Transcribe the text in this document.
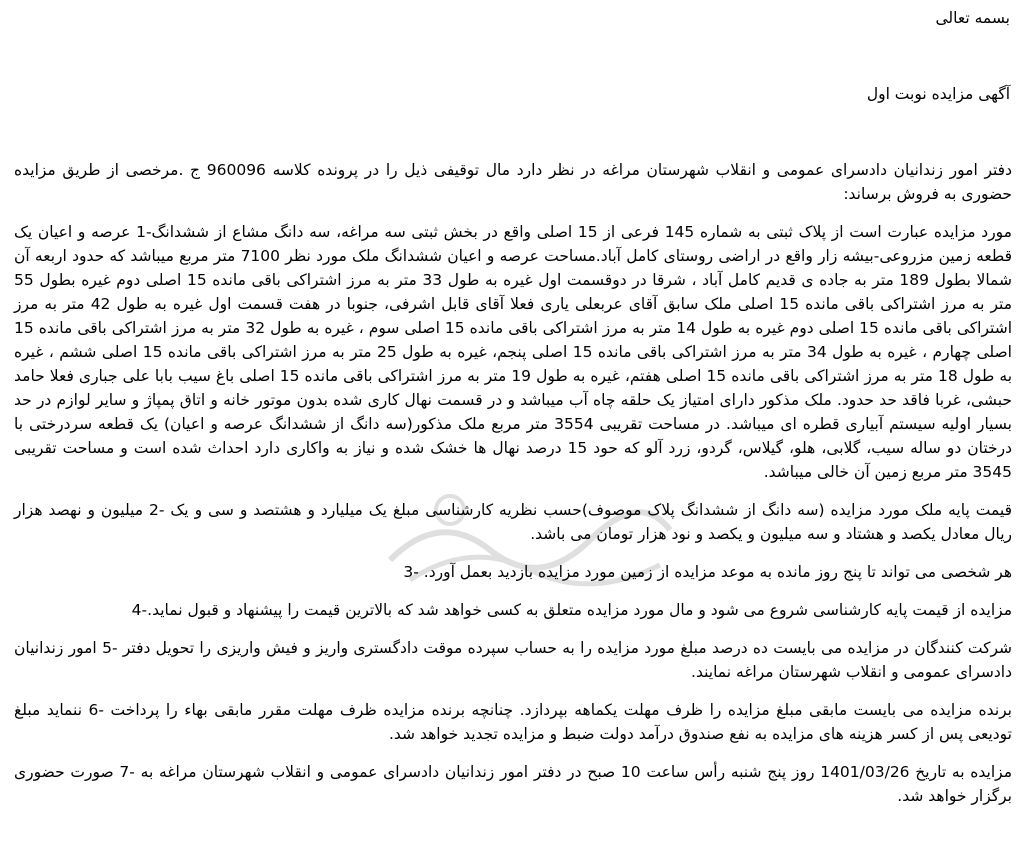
بسمه تعالی
آگهی مزایده نوبت اول

دفتر امور زندانیان دادسرای عمومی و انقلاب شهرستان مراغه در نظر دارد مال توقیفی ذیل را در پرونده کلاسه 960096 ج .مرخصی از طریق مزایده حضوری به فروش برساند:

مورد مزایده عبارت است از پلاک ثبتی به شماره 145 فرعی از 15 اصلی واقع در بخش ثبتی سه مراغه، سه دانگ مشاع از ششدانگ-1 عرصه و اعیان یک قطعه زمین مزروعی-بیشه زار واقع در اراضی روستای کامل آباد.مساحت عرصه و اعیان ششدانگ ملک مورد نظر 7100 متر مربع میباشد که حدود اربعه آن شمالا بطول 189 متر به جاده ی قدیم کامل آباد ، شرقا در دوقسمت اول غیره به طول 33 متر به مرز اشتراکی باقی مانده 15 اصلی دوم غیره بطول 55 متر به مرز اشتراکی باقی مانده 15 اصلی ملک سابق آقای عربعلی یاری فعلا آقای قابل اشرفی، جنوبا در هفت قسمت اول غیره به طول 42 متر به مرز اشتراکی باقی مانده 15 اصلی دوم غیره به طول 14 متر به مرز اشتراکی باقی مانده 15 اصلی سوم ، غیره به طول 32 متر به مرز اشتراکی باقی مانده 15 اصلی چهارم ، غیره به طول 34 متر به مرز اشتراکی باقی مانده 15 اصلی پنجم، غیره به طول 25 متر به مرز اشتراکی باقی مانده 15 اصلی ششم ، غیره به طول 18 متر به مرز اشتراکی باقی مانده 15 اصلی هفتم، غیره به طول 19 متر به مرز اشتراکی باقی مانده 15 اصلی باغ سیب بابا علی جباری فعلا حامد حبشی، غربا فاقد حد حدود. ملک مذکور دارای امتیاز یک حلقه چاه آب میباشد و در قسمت نهال کاری شده بدون موتور خانه و اتاق پمپاژ و سایر لوازم در حد بسیار اولیه سیستم آبیاری قطره ای میباشد. در مساحت تقریبی 3554 متر مربع ملک مذکور(سه دانگ از ششدانگ عرصه و اعیان) یک قطعه سردرختی با درختان دو ساله سیب، گلابی، هلو، گیلاس، گردو، زرد آلو که حود 15 درصد نهال ها خشک شده و نیاز به واکاری دارد احداث شده است و مساحت تقریبی 3545 متر مربع زمین آن خالی میباشد.

قیمت پایه ملک مورد مزایده (سه دانگ از ششدانگ پلاک موصوف)حسب نظریه کارشناسی مبلغ یک میلیارد و هشتصد و سی و یک -2 میلیون و نهصد هزار ریال معادل یکصد و هشتاد و سه میلیون و یکصد و نود هزار تومان می باشد.

هر شخصی می تواند تا پنج روز مانده به موعد مزایده از زمین مورد مزایده بازدید بعمل آورد. -3

مزایده از قیمت پایه کارشناسی شروع می شود و مال مورد مزایده متعلق به کسی خواهد شد که بالاترین قیمت را پیشنهاد و قبول نماید.-4

شرکت کنندگان در مزایده می بایست ده درصد مبلغ مورد مزایده را به حساب سپرده موقت دادگستری واریز و فیش واریزی را تحویل دفتر -5 امور زندانیان دادسرای عمومی و انقلاب شهرستان مراغه نمایند.

برنده مزایده می بایست مابقی مبلغ مزایده را ظرف مهلت یکماهه بپردازد. چنانچه برنده مزایده ظرف مهلت مقرر مابقی بهاء را پرداخت -6 ننماید مبلغ تودیعی پس از کسر هزینه های مزایده به نفع صندوق درآمد دولت ضبط و مزایده تجدید خواهد شد.

مزایده به تاریخ 1401/03/26 روز پنج شنبه رأس ساعت 10 صبح در دفتر امور زندانیان دادسرای عمومی و انقلاب شهرستان مراغه به -7 صورت حضوری برگزار خواهد شد.
